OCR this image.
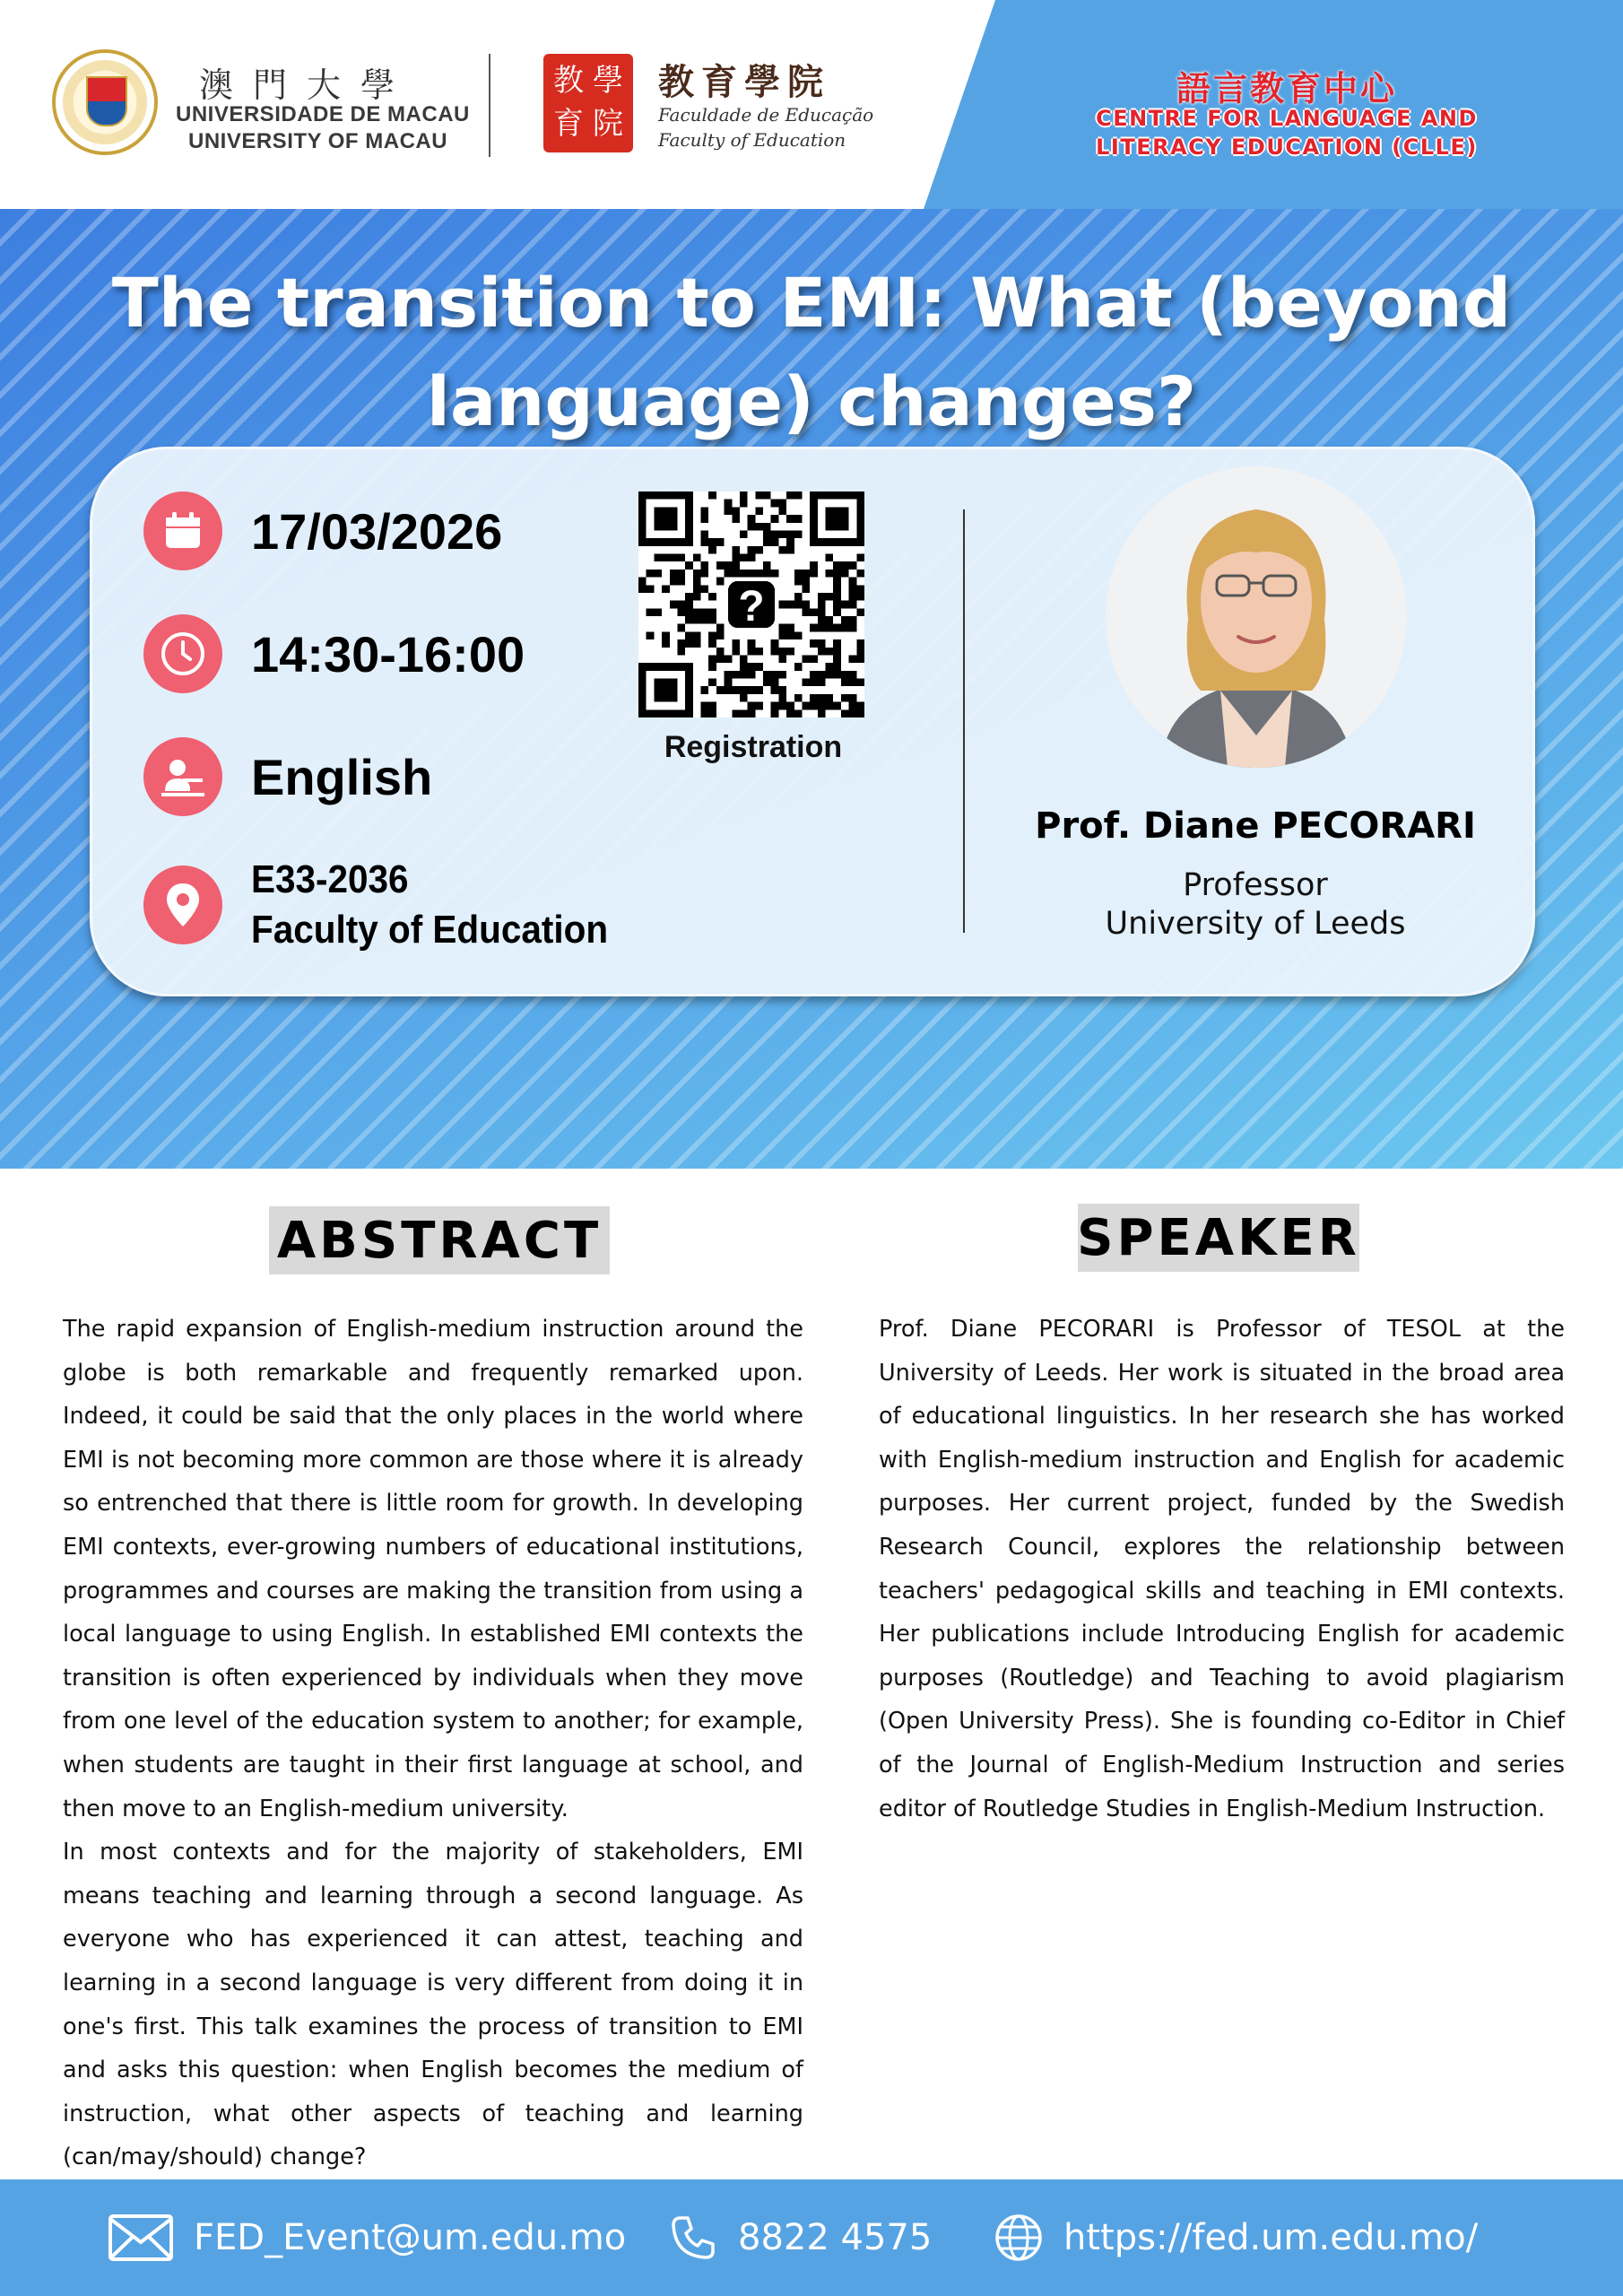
澳門大學
UNIVERSIDADE DE MACAU
UNIVERSITY OF MACAU
教 學
育 院
教育學院
Faculdade de Educação
Faculty of Education
語言教育中心
CENTRE FOR LANGUAGE AND
LITERACY EDUCATION (CLLE)
The transition to EMI: What (beyond language) changes?
17/03/2026
14:30-16:00
English
E33-2036
Faculty of Education
?
Registration
Prof. Diane PECORARI
Professor
University of Leeds
ABSTRACT

The rapid expansion of English-medium instruction around the globe is both remarkable and frequently remarked upon. Indeed, it could be said that the only places in the world where EMI is not becoming more common are those where it is already so entrenched that there is little room for growth. In developing EMI contexts, ever-growing numbers of educational institutions, programmes and courses are making the transition from using a local language to using English. In established EMI contexts the transition is often experienced by individuals when they move from one level of the education system to another; for example, when students are taught in their first language at school, and then move to an English-medium university.

In most contexts and for the majority of stakeholders, EMI means teaching and learning through a second language. As everyone who has experienced it can attest, teaching and learning in a second language is very different from doing it in one's first. This talk examines the process of transition to EMI and asks this question: when English becomes the medium of instruction, what other aspects of teaching and learning (can/may/should) change?

SPEAKER

Prof. Diane PECORARI is Professor of TESOL at the University of Leeds. Her work is situated in the broad area of educational linguistics. In her research she has worked with English-medium instruction and English for academic purposes. Her current project, funded by the Swedish Research Council, explores the relationship between teachers' pedagogical skills and teaching in EMI contexts. Her publications include Introducing English for academic purposes (Routledge) and Teaching to avoid plagiarism (Open University Press). She is founding co-Editor in Chief of the Journal of English-Medium Instruction and series editor of Routledge Studies in English-Medium Instruction.

FED_Event@um.edu.mo	8822 4575	https://fed.um.edu.mo/
